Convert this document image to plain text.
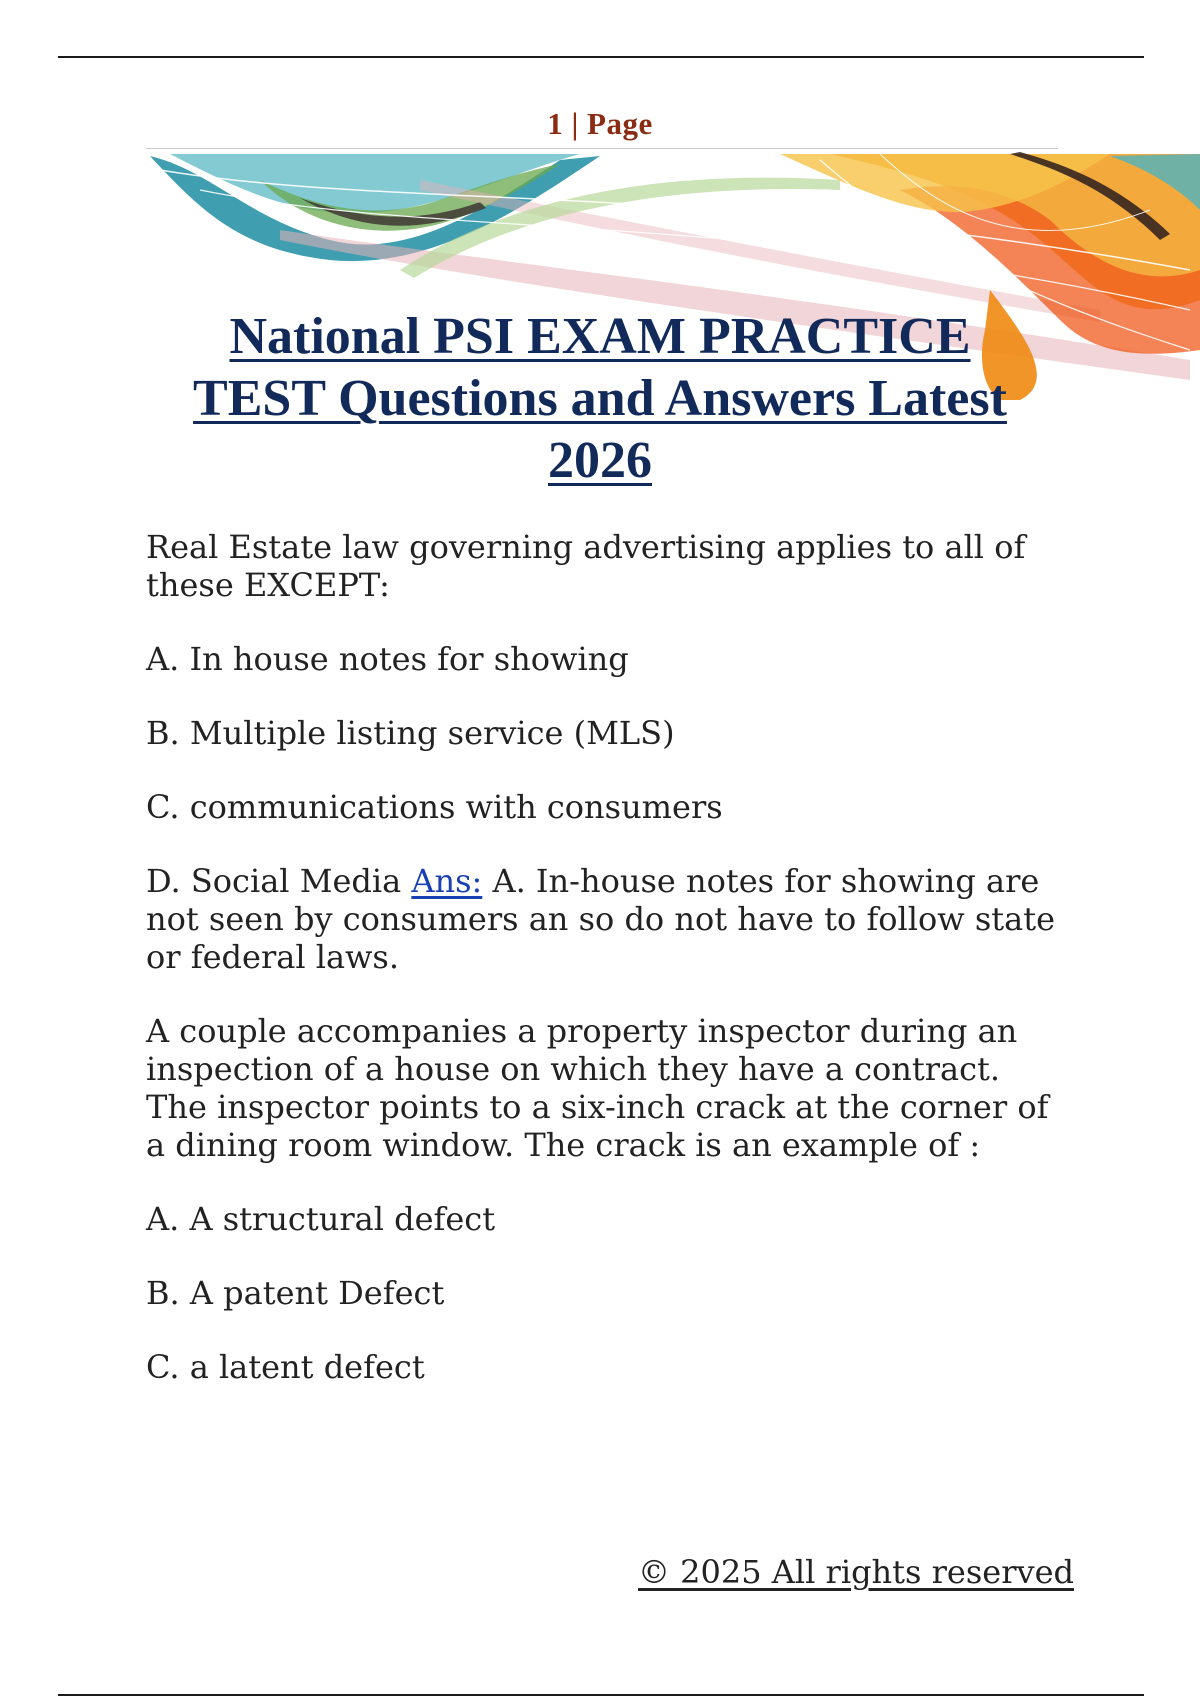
1 | Page
National PSI EXAM PRACTICE
TEST Questions and Answers Latest
2026

Real Estate law governing advertising applies to all of these EXCEPT:

A. In house notes for showing

B. Multiple listing service (MLS)

C. communications with consumers

D. Social Media Ans: A. In-house notes for showing are not seen by consumers an so do not have to follow state or federal laws.

A couple accompanies a property inspector during an inspection of a house on which they have a contract. The inspector points to a six-inch crack at the corner of a dining room window. The crack is an example of :

A. A structural defect

B. A patent Defect

C. a latent defect

© 2025 All rights reserved
